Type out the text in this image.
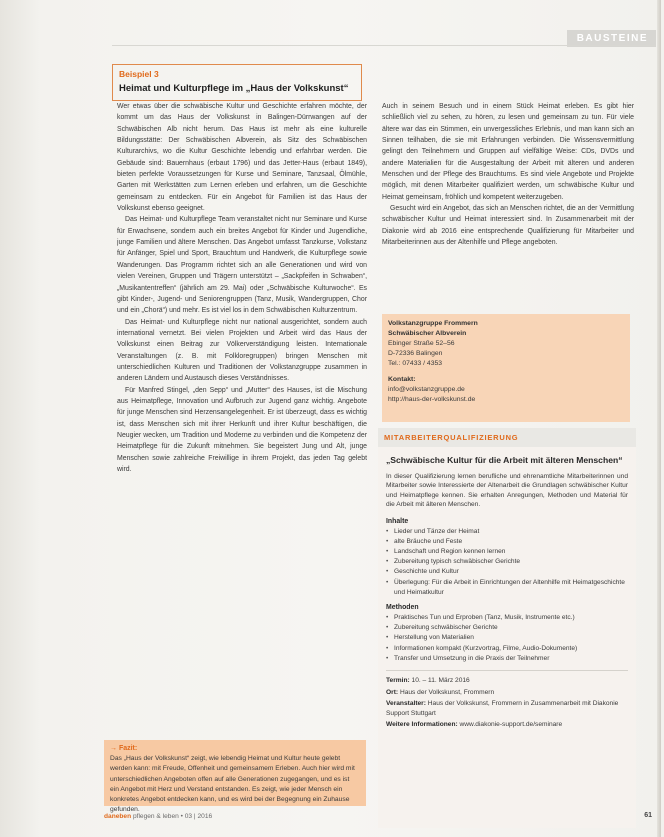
BAUSTEINE
Beispiel 3
Heimat und Kulturpflege im „Haus der Volkskunst“

Wer etwas über die schwäbische Kultur und Geschichte erfahren möchte, der kommt um das Haus der Volkskunst in Balingen-Dürrwangen auf der Schwäbischen Alb nicht herum. Das Haus ist mehr als eine kulturelle Bildungsstätte: Der Schwäbischen Albverein, als Sitz des Schwäbischen Kulturarchivs, wo die Kultur Geschichte lebendig und erfahrbar werden. Die Gebäude sind: Bauernhaus (erbaut 1796) und das Jetter-Haus (erbaut 1849), bieten perfekte Voraussetzungen für Kurse und Seminare, Tanzsaal, Ölmühle, Garten mit Werkstätten zum Lernen erleben und erfahren, um die Geschichte gemeinsam zu entdecken. Für ein Angebot für Familien ist das Haus der Volkskunst ebenso geeignet.

Das Heimat- und Kulturpflege Team veranstaltet nicht nur Seminare und Kurse für Erwachsene, sondern auch ein breites Angebot für Kinder und Jugendliche, junge Familien und ältere Menschen. Das Angebot umfasst Tanzkurse, Volkstanz für Anfänger, Spiel und Sport, Brauchtum und Handwerk, die Kulturpflege sowie Wanderungen. Das Programm richtet sich an alle Generationen und wird von vielen Vereinen, Gruppen und Trägern unterstützt – „Sackpfeifen in Schwaben“, „Musikantentreffen“ (jährlich am 29. Mai) oder „Schwäbische Kulturwoche“. Es gibt Kinder-, Jugend- und Seniorengruppen (Tanz, Musik, Wandergruppen, Chor und ein „Chorä“) und mehr. Es ist viel los in dem Schwäbischen Kulturzentrum.

Das Heimat- und Kulturpflege nicht nur national ausgerichtet, sondern auch international vernetzt. Bei vielen Projekten und Arbeit wird das Haus der Volkskunst einen Beitrag zur Völkerverständigung leisten. Internationale Veranstaltungen (z. B. mit Folkloregruppen) bringen Menschen mit unterschiedlichen Kulturen und Traditionen der Volkstanzgruppe zusammen in anderen Ländern und Austausch dieses Verständnisses.

Für Manfred Stingel, „den Sepp“ und „Mutter“ des Hauses, ist die Mischung aus Heimatpflege, Innovation und Aufbruch zur Jugend ganz wichtig. Angebote für junge Menschen sind Herzensangelegenheit. Er ist überzeugt, dass es wichtig ist, dass Menschen sich mit ihrer Herkunft und ihrer Kultur beschäftigen, die Neugier wecken, um Tradition und Moderne zu verbinden und die Kompetenz der Heimatpflege für die Zukunft mitnehmen. Sie begeistert Jung und Alt, junge Menschen sowie zahlreiche Freiwillige in ihrem Projekt, das jeden Tag gelebt wird.

Auch in seinem Besuch und in einem Stück Heimat erleben. Es gibt hier schließlich viel zu sehen, zu hören, zu lesen und gemeinsam zu tun. Für viele ältere war das ein Stimmen, ein unvergessliches Erlebnis, und man kann sich an Sinnen teilhaben, die sie mit Erfahrungen verbinden. Die Wissensvermittlung gelingt den Teilnehmern und Gruppen auf vielfältige Weise: CDs, DVDs und andere Materialien für die Ausgestaltung der Arbeit mit älteren und anderen Menschen und der Pflege des Brauchtums. Es sind viele Angebote und Projekte möglich, mit denen Mitarbeiter qualifiziert werden, um schwäbische Kultur und Heimat gemeinsam, fröhlich und kompetent weiterzugeben.

Gesucht wird ein Angebot, das sich an Menschen richtet, die an der Vermittlung schwäbischer Kultur und Heimat interessiert sind. In Zusammenarbeit mit der Diakonie wird ab 2016 eine entsprechende Qualifizierung für Mitarbeiter und Mitarbeiterinnen aus der Altenhilfe und Pflege angeboten.

Volkstanzgruppe Frommern
Schwäbischer Albverein
Ebinger Straße 52–56
D-72336 Balingen
Tel.: 07433 / 4353
Kontakt:
info@volkstanzgruppe.de
http://haus-der-volkskunst.de
MITARBEITERQUALIFIZIERUNG
„Schwäbische Kultur für die Arbeit mit älteren Menschen“
In dieser Qualifizierung lernen berufliche und ehrenamtliche Mitarbeiterinnen und Mitarbeiter sowie Interessierte der Altenarbeit die Grundlagen schwäbischer Kultur und Heimatpflege kennen. Sie erhalten Anregungen, Methoden und Material für die Arbeit mit älteren Menschen.
Inhalte
• Lieder und Tänze der Heimat
• alte Bräuche und Feste
• Landschaft und Region kennen lernen
• Zubereitung typisch schwäbischer Gerichte
• Geschichte und Kultur
• Überlegung: Für die Arbeit in Einrichtungen der Altenhilfe mit Heimatgeschichte und Heimatkultur
Methoden
• Praktisches Tun und Erproben (Tanz, Musik, Instrumente etc.)
• Zubereitung schwäbischer Gerichte
• Herstellung von Materialien
• Informationen kompakt (Kurzvortrag, Filme, Audio-Dokumente)
• Transfer und Umsetzung in die Praxis der Teilnehmer
Termin: 10. – 11. März 2016
Ort: Haus der Volkskunst, Frommern
Veranstalter: Haus der Volkskunst, Frommern in Zusammenarbeit mit Diakonie Support Stuttgart
Weitere Informationen: www.diakonie-support.de/seminare
→ Fazit:
Das „Haus der Volkskunst“ zeigt, wie lebendig Heimat und Kultur heute gelebt werden kann: mit Freude, Offenheit und gemeinsamem Erleben. Auch hier wird mit unterschiedlichen Angeboten offen auf alle Generationen zugegangen, und es ist ein Angebot mit Herz und Verstand entstanden. Es zeigt, wie jeder Mensch ein konkretes Angebot entdecken kann, und es wird bei der Begegnung ein Zuhause gefunden.
daneben pflegen & leben • 03 | 2016	61
